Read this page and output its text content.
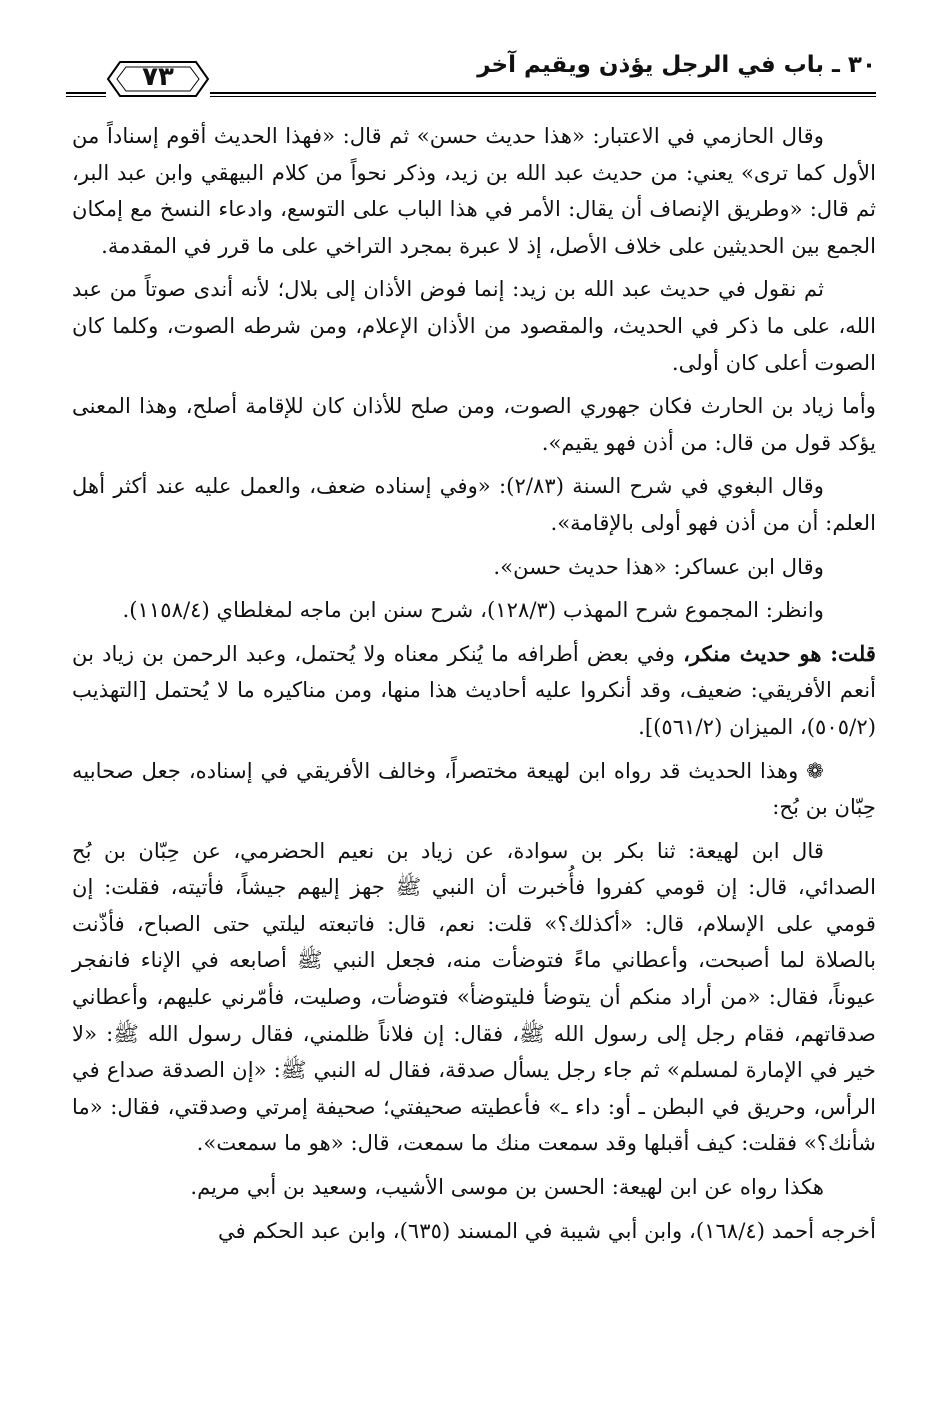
٣٠ ـ باب في الرجل يؤذن ويقيم آخر
٧٣

وقال الحازمي في الاعتبار: «هذا حديث حسن» ثم قال: «فهذا الحديث أقوم إسناداً من الأول كما ترى» يعني: من حديث عبد الله بن زيد، وذكر نحواً من كلام البيهقي وابن عبد البر، ثم قال: «وطريق الإنصاف أن يقال: الأمر في هذا الباب على التوسع، وادعاء النسخ مع إمكان الجمع بين الحديثين على خلاف الأصل، إذ لا عبرة بمجرد التراخي على ما قرر في المقدمة.

ثم نقول في حديث عبد الله بن زيد: إنما فوض الأذان إلى بلال؛ لأنه أندى صوتاً من عبد الله، على ما ذكر في الحديث، والمقصود من الأذان الإعلام، ومن شرطه الصوت، وكلما كان الصوت أعلى كان أولى.

وأما زياد بن الحارث فكان جهوري الصوت، ومن صلح للأذان كان للإقامة أصلح، وهذا المعنى يؤكد قول من قال: من أذن فهو يقيم».

وقال البغوي في شرح السنة (٢/٨٣): «وفي إسناده ضعف، والعمل عليه عند أكثر أهل العلم: أن من أذن فهو أولى بالإقامة».

وقال ابن عساكر: «هذا حديث حسن».

وانظر: المجموع شرح المهذب (١٢٨/٣)، شرح سنن ابن ماجه لمغلطاي (١١٥٨/٤).

قلت: هو حديث منكر، وفي بعض أطرافه ما يُنكر معناه ولا يُحتمل، وعبد الرحمن بن زياد بن أنعم الأفريقي: ضعيف، وقد أنكروا عليه أحاديث هذا منها، ومن مناكيره ما لا يُحتمل [التهذيب (٥٠٥/٢)، الميزان (٥٦١/٢)].

❁ وهذا الحديث قد رواه ابن لهيعة مختصراً، وخالف الأفريقي في إسناده، جعل صحابيه حِبّان بن بُح:

قال ابن لهيعة: ثنا بكر بن سوادة، عن زياد بن نعيم الحضرمي، عن حِبّان بن بُح الصدائي، قال: إن قومي كفروا فأُخبرت أن النبي ﷺ جهز إليهم جيشاً، فأتيته، فقلت: إن قومي على الإسلام، قال: «أكذلك؟» قلت: نعم، قال: فاتبعته ليلتي حتى الصباح، فأذّنت بالصلاة لما أصبحت، وأعطاني ماءً فتوضأت منه، فجعل النبي ﷺ أصابعه في الإناء فانفجر عيوناً، فقال: «من أراد منكم أن يتوضأ فليتوضأ» فتوضأت، وصليت، فأمّرني عليهم، وأعطاني صدقاتهم، فقام رجل إلى رسول الله ﷺ، فقال: إن فلاناً ظلمني، فقال رسول الله ﷺ: «لا خير في الإمارة لمسلم» ثم جاء رجل يسأل صدقة، فقال له النبي ﷺ: «إن الصدقة صداع في الرأس، وحريق في البطن ـ أو: داء ـ» فأعطيته صحيفتي؛ صحيفة إمرتي وصدقتي، فقال: «ما شأنك؟» فقلت: كيف أقبلها وقد سمعت منك ما سمعت، قال: «هو ما سمعت».

هكذا رواه عن ابن لهيعة: الحسن بن موسى الأشيب، وسعيد بن أبي مريم.

أخرجه أحمد (١٦٨/٤)، وابن أبي شيبة في المسند (٦٣٥)، وابن عبد الحكم في
